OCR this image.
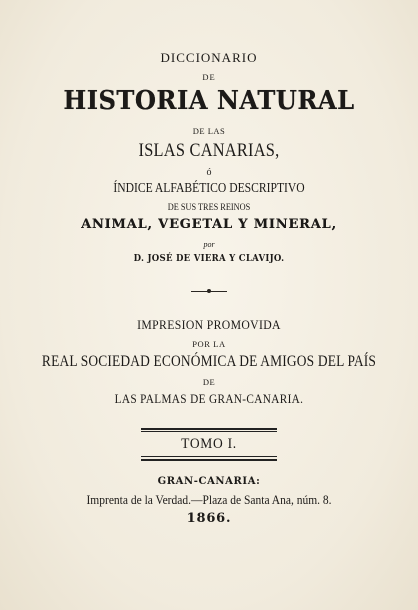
DICCIONARIO
DE
HISTORIA NATURAL
DE LAS
ISLAS CANARIAS,
ó
ÍNDICE ALFABÉTICO DESCRIPTIVO
DE SUS TRES REINOS
ANIMAL, VEGETAL Y MINERAL,
por
D. JOSÉ DE VIERA Y CLAVIJO.
IMPRESION PROMOVIDA
POR LA
REAL SOCIEDAD ECONÓMICA DE AMIGOS DEL PAÍS
DE
LAS PALMAS DE GRAN-CANARIA.
TOMO I.
GRAN-CANARIA:
Imprenta de la Verdad.—Plaza de Santa Ana, núm. 8.
1866.
